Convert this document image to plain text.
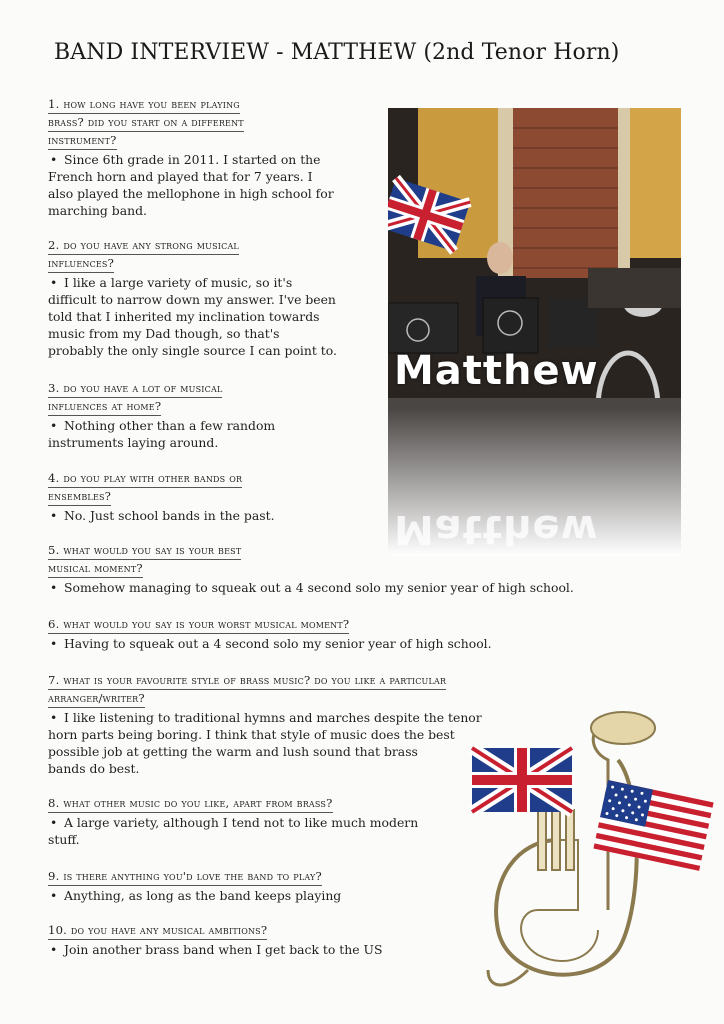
BAND INTERVIEW - MATTHEW (2nd Tenor Horn)
1. how long have you been playing
brass? did you start on a different
instrument?
• Since 6th grade in 2011. I started on the
French horn and played that for 7 years. I
also played the mellophone in high school for
marching band.
2. do you have any strong musical
influences?
• I like a large variety of music, so it's
difficult to narrow down my answer. I've been
told that I inherited my inclination towards
music from my Dad though, so that's
probably the only single source I can point to.
3. do you have a lot of musical
influences at home?
• Nothing other than a few random
instruments laying around.
4. do you play with other bands or
ensembles?
• No. Just school bands in the past.
5. what would you say is your best
musical moment?
• Somehow managing to squeak out a 4 second solo my senior year of high school.
6. what would you say is your worst musical moment?
• Having to squeak out a 4 second solo my senior year of high school.
7. what is your favourite style of brass music? do you like a particular
arranger/writer?
• I like listening to traditional hymns and marches despite the tenor
horn parts being boring. I think that style of music does the best
possible job at getting the warm and lush sound that brass
bands do best.
8. what other music do you like, apart from brass?
• A large variety, although I tend not to like much modern
stuff.
9. is there anything you'd love the band to play?
• Anything, as long as the band keeps playing
10. do you have any musical ambitions?
• Join another brass band when I get back to the US
Matthew
Matthew
